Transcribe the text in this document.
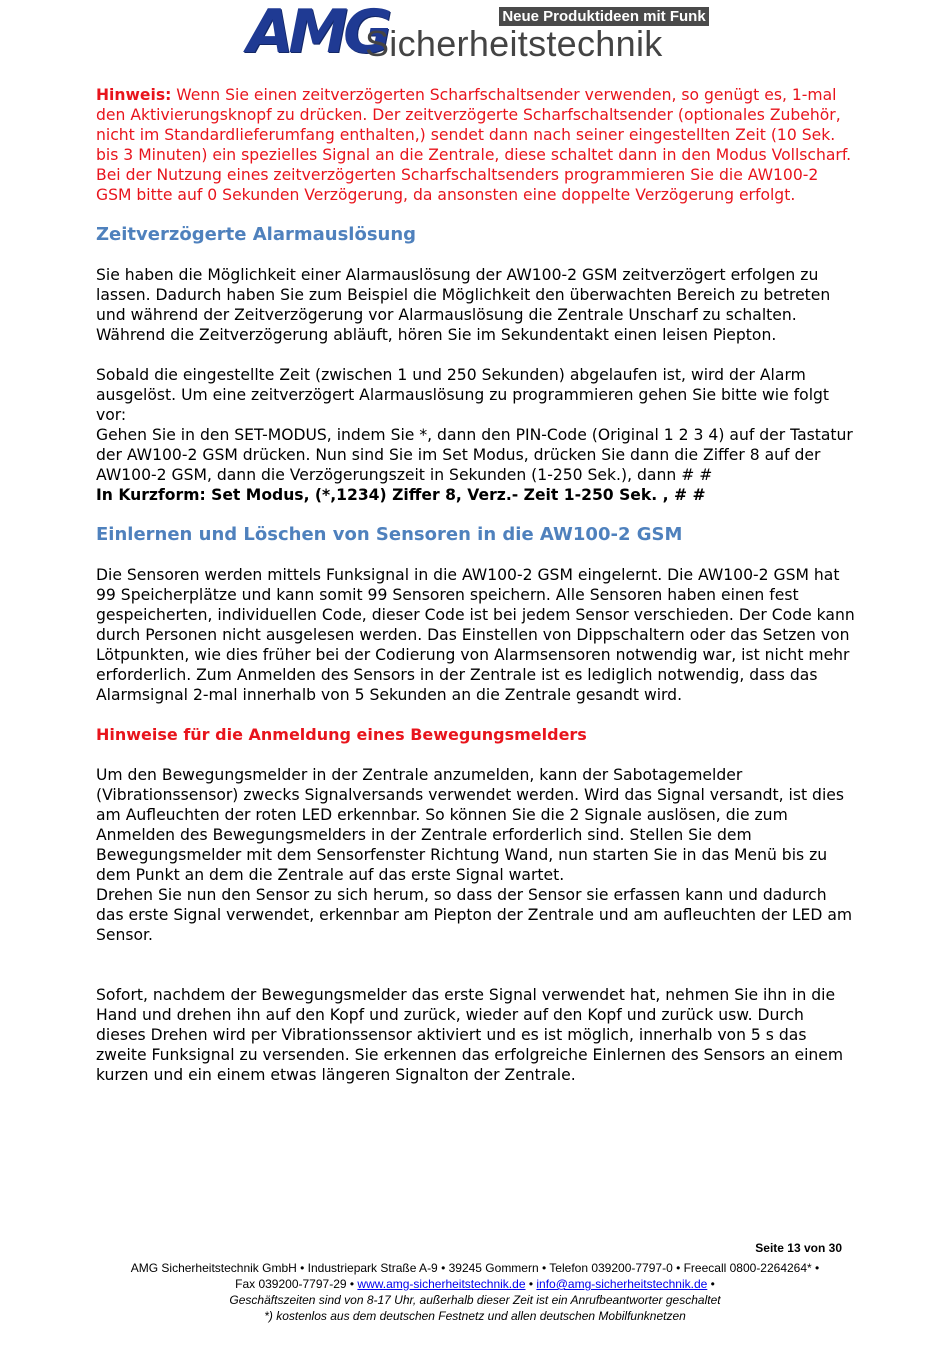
AMG	Neue Produktideen mit Funk
Sicherheitstechnik

Hinweis: Wenn Sie einen zeitverzögerten Scharfschaltsender verwenden, so genügt es, 1-mal den Aktivierungsknopf zu drücken. Der zeitverzögerte Scharfschaltsender (optionales Zubehör, nicht im Standardlieferumfang enthalten,) sendet dann nach seiner eingestellten Zeit (10 Sek. bis 3 Minuten) ein spezielles Signal an die Zentrale, diese schaltet dann in den Modus Vollscharf. Bei der Nutzung eines zeitverzögerten Scharfschaltsenders programmieren Sie die AW100-2 GSM bitte auf 0 Sekunden Verzögerung, da ansonsten eine doppelte Verzögerung erfolgt.

Zeitverzögerte Alarmauslösung

Sie haben die Möglichkeit einer Alarmauslösung der AW100-2 GSM zeitverzögert erfolgen zu lassen. Dadurch haben Sie zum Beispiel die Möglichkeit den überwachten Bereich zu betreten und während der Zeitverzögerung vor Alarmauslösung die Zentrale Unscharf zu schalten. Während die Zeitverzögerung abläuft, hören Sie im Sekundentakt einen leisen Piepton.

Sobald die eingestellte Zeit (zwischen 1 und 250 Sekunden) abgelaufen ist, wird der Alarm ausgelöst. Um eine zeitverzögert Alarmauslösung zu programmieren gehen Sie bitte wie folgt vor:

Gehen Sie in den SET-MODUS, indem Sie *, dann den PIN-Code (Original 1 2 3 4) auf der Tastatur der AW100-2 GSM drücken. Nun sind Sie im Set Modus, drücken Sie dann die Ziffer 8 auf der AW100-2 GSM, dann die Verzögerungszeit in Sekunden (1-250 Sek.), dann # #

In Kurzform: Set Modus, (*,1234) Ziffer 8, Verz.- Zeit 1-250 Sek. , # #

Einlernen und Löschen von Sensoren in die AW100-2 GSM

Die Sensoren werden mittels Funksignal in die AW100-2 GSM eingelernt. Die AW100-2 GSM hat 99 Speicherplätze und kann somit 99 Sensoren speichern. Alle Sensoren haben einen fest gespeicherten, individuellen Code, dieser Code ist bei jedem Sensor verschieden. Der Code kann durch Personen nicht ausgelesen werden. Das Einstellen von Dippschaltern oder das Setzen von Lötpunkten, wie dies früher bei der Codierung von Alarmsensoren notwendig war, ist nicht mehr erforderlich. Zum Anmelden des Sensors in der Zentrale ist es lediglich notwendig, dass das Alarmsignal 2-mal innerhalb von 5 Sekunden an die Zentrale gesandt wird.

Hinweise für die Anmeldung eines Bewegungsmelders

Um den Bewegungsmelder in der Zentrale anzumelden, kann der Sabotagemelder (Vibrationssensor) zwecks Signalversands verwendet werden. Wird das Signal versandt, ist dies am Aufleuchten der roten LED erkennbar. So können Sie die 2 Signale auslösen, die zum Anmelden des Bewegungsmelders in der Zentrale erforderlich sind. Stellen Sie dem Bewegungsmelder mit dem Sensorfenster Richtung Wand, nun starten Sie in das Menü bis zu dem Punkt an dem die Zentrale auf das erste Signal wartet.

Drehen Sie nun den Sensor zu sich herum, so dass der Sensor sie erfassen kann und dadurch das erste Signal verwendet, erkennbar am Piepton der Zentrale und am aufleuchten der LED am Sensor.

Sofort, nachdem der Bewegungsmelder das erste Signal verwendet hat, nehmen Sie ihn in die Hand und drehen ihn auf den Kopf und zurück, wieder auf den Kopf und zurück usw. Durch dieses Drehen wird per Vibrationssensor aktiviert und es ist möglich, innerhalb von 5 s das zweite Funksignal zu versenden. Sie erkennen das erfolgreiche Einlernen des Sensors an einem kurzen und ein einem etwas längeren Signalton der Zentrale.

Seite 13 von 30
AMG Sicherheitstechnik GmbH • Industriepark Straße A-9 • 39245 Gommern • Telefon 039200-7797-0 • Freecall 0800-2264264* •
Fax 039200-7797-29 • www.amg-sicherheitstechnik.de • info@amg-sicherheitstechnik.de •
Geschäftszeiten sind von 8-17 Uhr, außerhalb dieser Zeit ist ein Anrufbeantworter geschaltet
*) kostenlos aus dem deutschen Festnetz und allen deutschen Mobilfunknetzen
